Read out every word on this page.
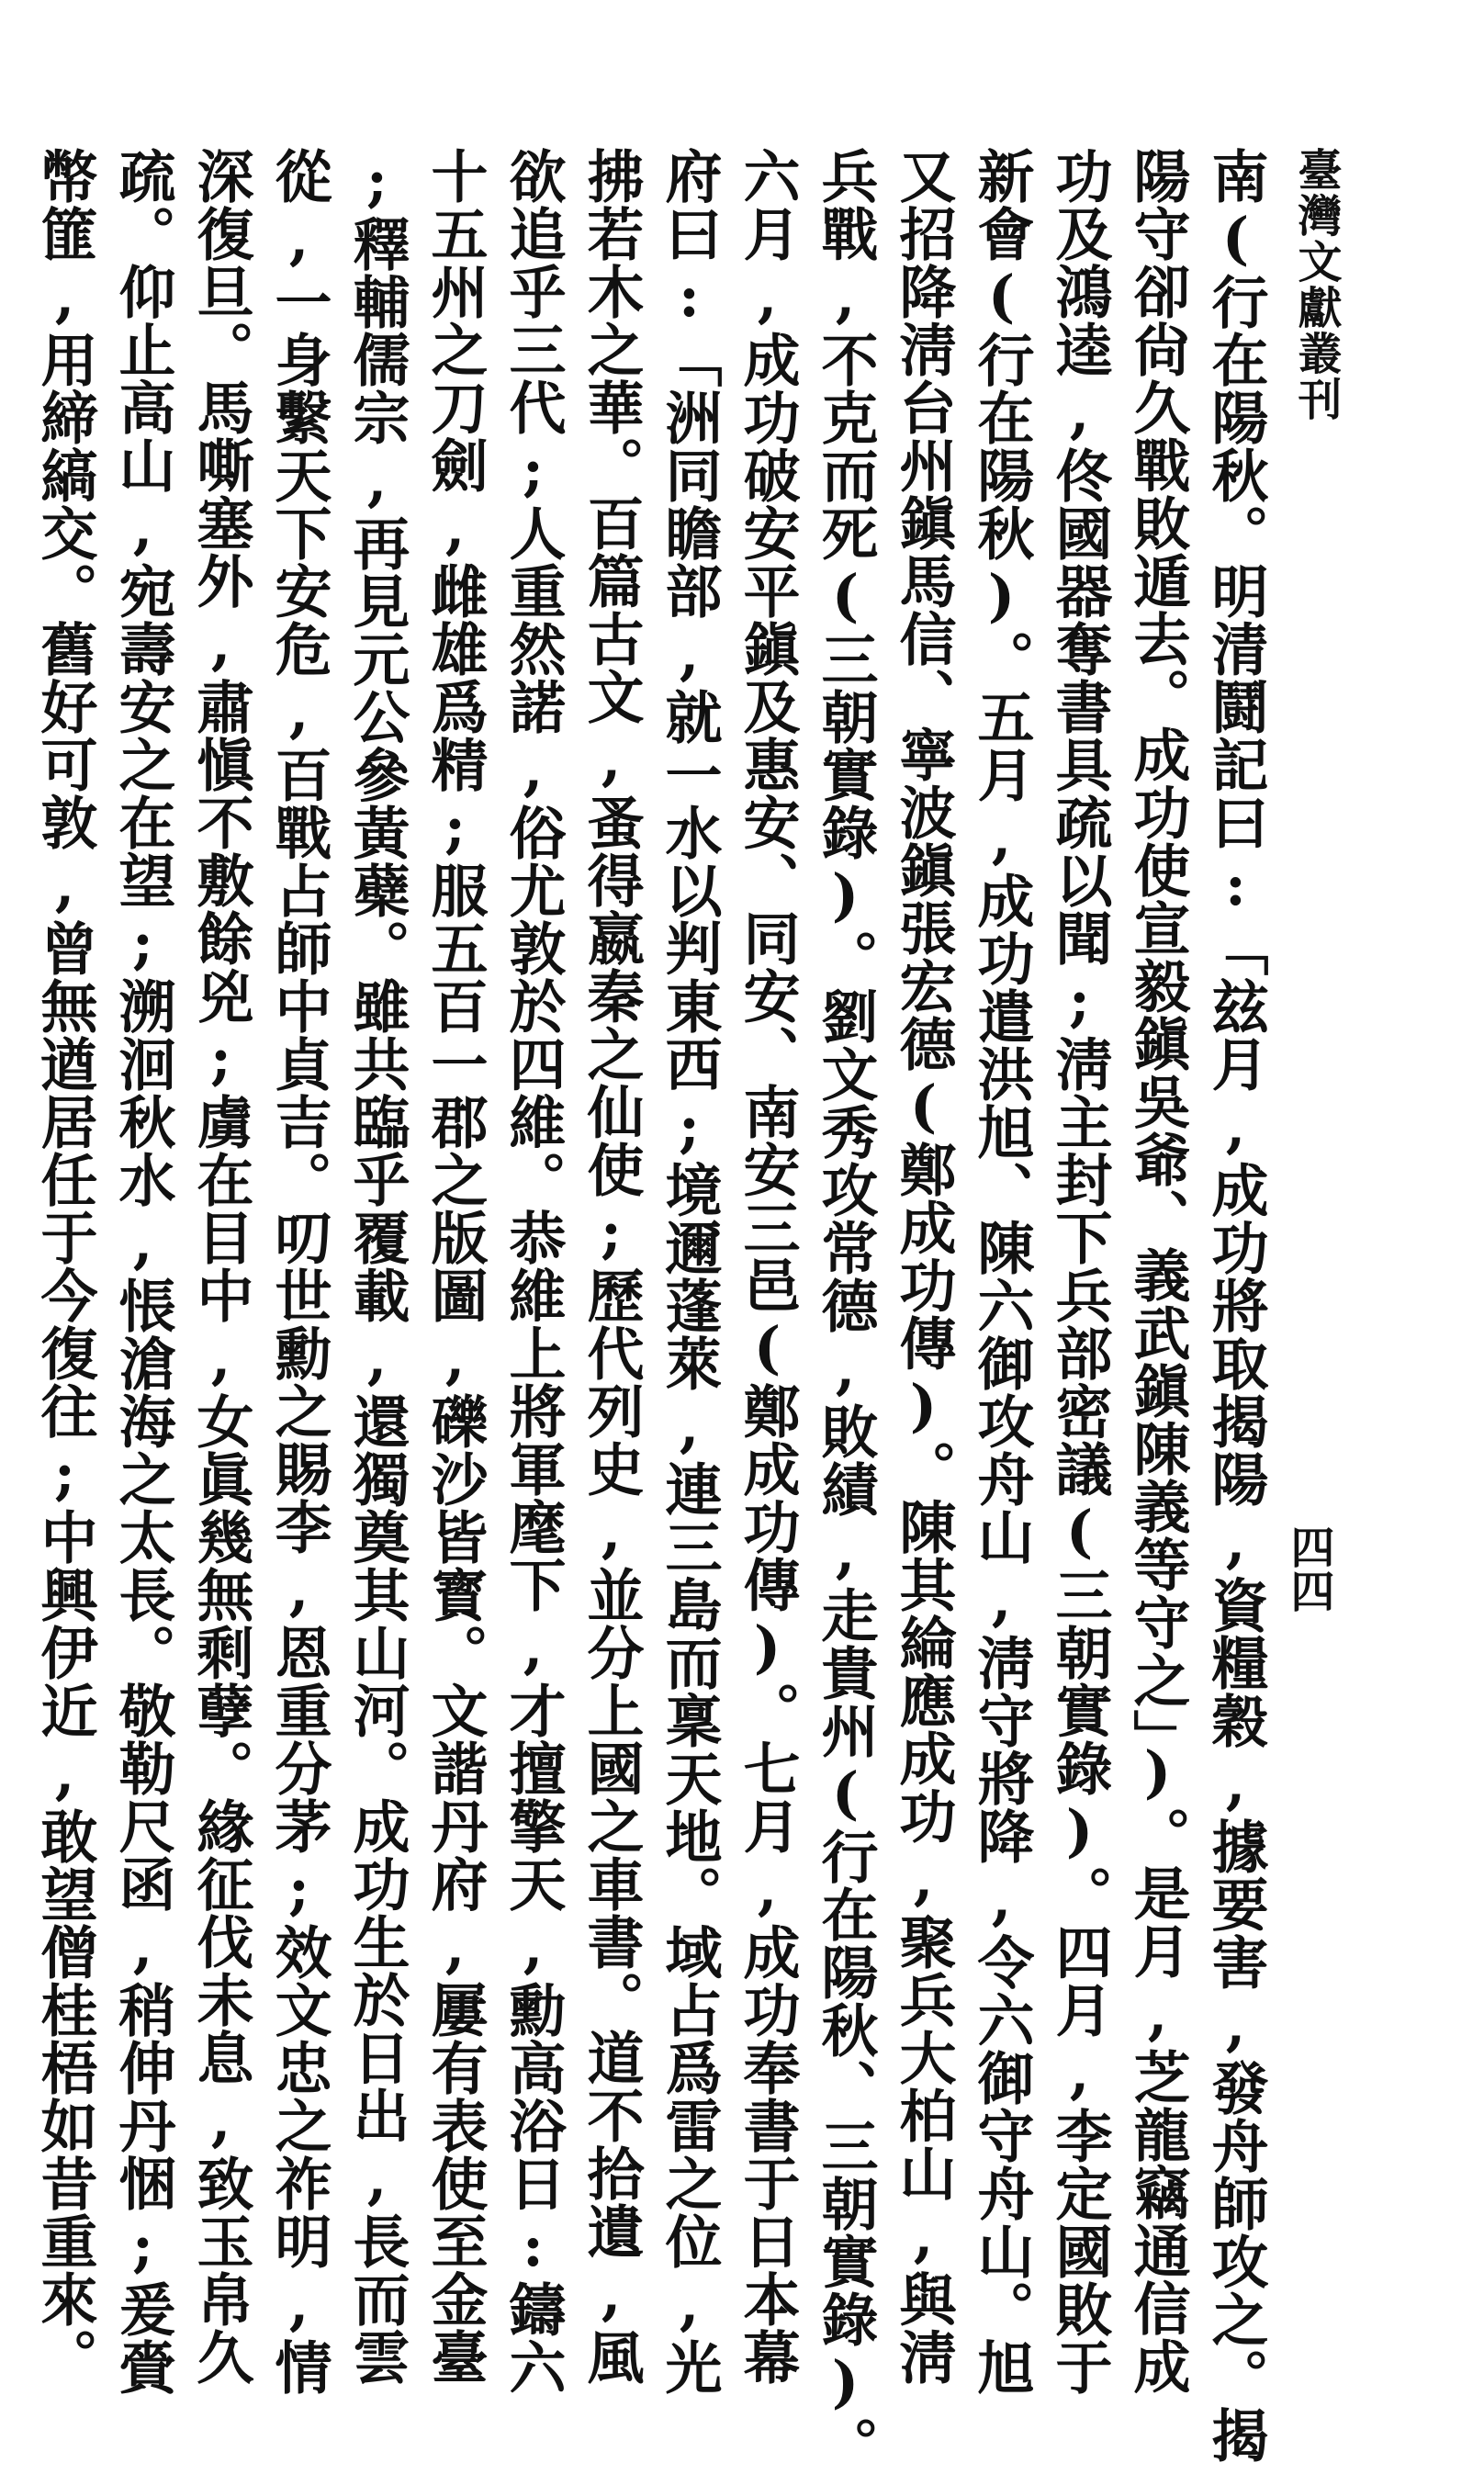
臺灣文獻叢刊
四四
南(行在陽秋。明清鬪記曰:「玆月,成功將取揭陽,資糧穀,據要害,發舟師攻之。揭
陽守卻尙久戰敗遁去。成功使宣毅鎭吳爺、義武鎭陳義等守之」)。是月,芝龍竊通信成
功及鴻逵,佟國器奪書具疏以聞;淸主封下兵部密議(三朝實錄)。四月,李定國敗于
新會(行在陽秋)。五月,成功遣洪旭、陳六御攻舟山,淸守將降,令六御守舟山。旭
又招降淸台州鎭馬信、寧波鎭張宏德(鄭成功傳)。陳其綸應成功,聚兵大柏山,與淸
兵戰,不克而死(三朝實錄)。劉文秀攻常德,敗績,走貴州(行在陽秋、三朝實錄)。
六月,成功破安平鎭及惠安、同安、南安三邑(鄭成功傳)。七月,成功奉書于日本幕
府曰:「洲同瞻部,就一水以判東西;境邇蓬萊,連三島而稟天地。域占爲雷之位,光
拂若木之華。百篇古文,蚤得嬴秦之仙使;歷代列史,並分上國之車書。道不拾遺,風
欲追乎三代;人重然諾,俗尤敦於四維。恭維上將軍麾下,才擅擎天,勳高浴日:鑄六
十五州之刀劍,雌雄爲精;服五百一郡之版圖,礫沙皆寳。文諧丹府,屢有表使至金臺
;釋輔儒宗,再見元公參黃蘗。雖共臨乎覆載,還獨奠其山河。成功生於日出,長而雲
從,一身繫天下安危,百戰占師中貞吉。叨世勳之賜李,恩重分茅;效文忠之祚明,情
深復旦。馬嘶塞外,肅愼不敷餘兇;虜在目中,女眞幾無剩孽。緣征伐未息,致玉帛久
疏。仰止高山,宛壽安之在望;溯洄秋水,悵滄海之太長。敬勒尺函,稍伸丹悃;爰賫
幣篚,用締縞交。舊好可敦,曾無遒居任于今復往;中興伊近,敢望僧桂梧如昔重來。
